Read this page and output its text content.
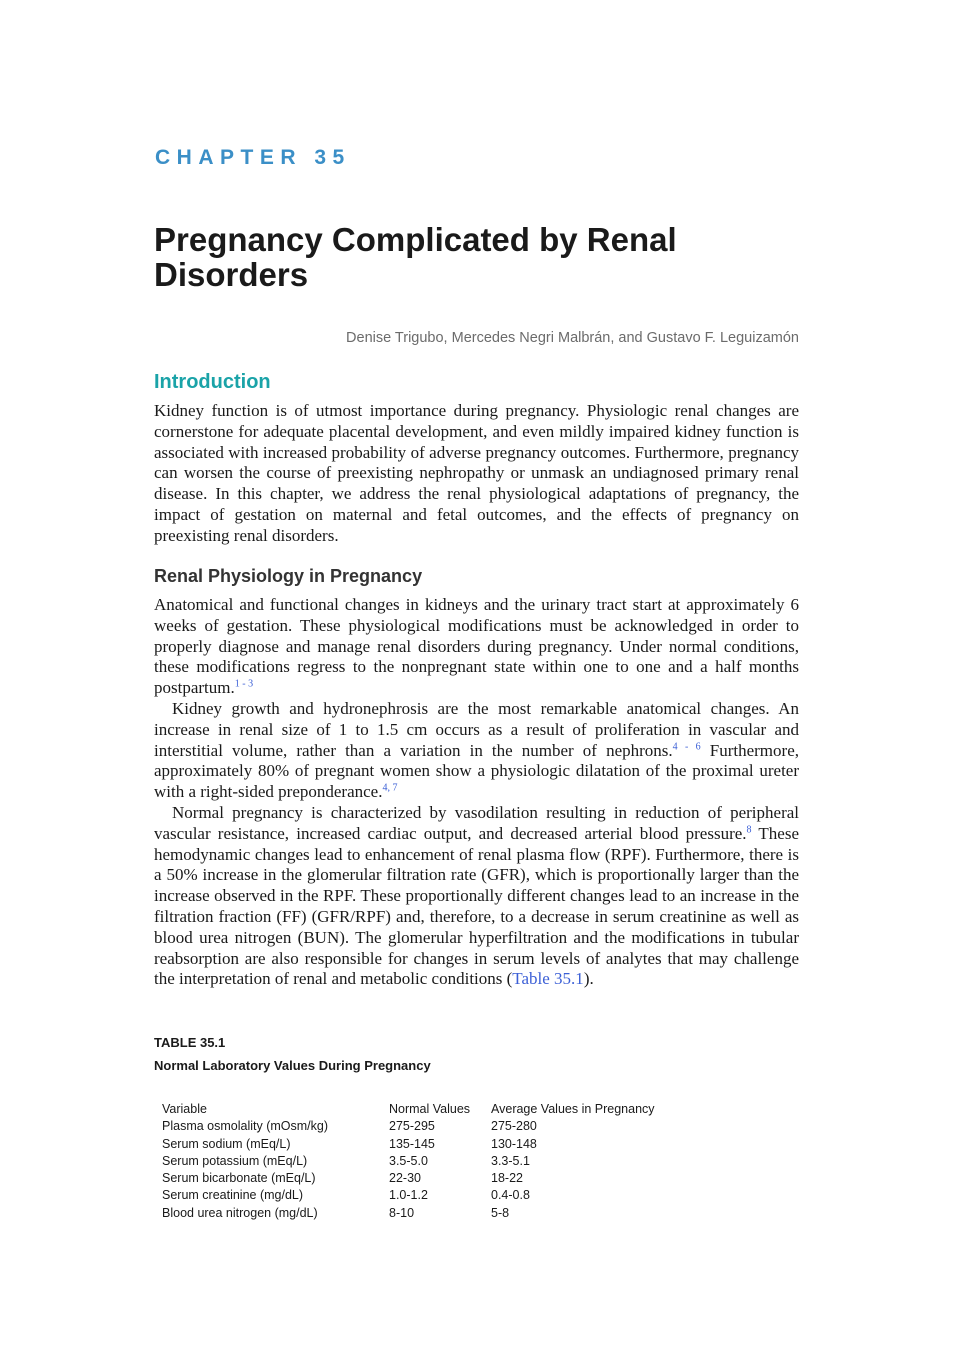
CHAPTER 35
Pregnancy Complicated by Renal Disorders
Denise Trigubo, Mercedes Negri Malbrán, and Gustavo F. Leguizamón
Introduction

Kidney function is of utmost importance during pregnancy. Physiologic renal changes are cornerstone for adequate placental development, and even mildly impaired kidney function is associated with increased probability of adverse pregnancy outcomes. Furthermore, pregnancy can worsen the course of preexisting nephropathy or unmask an undiagnosed primary renal disease. In this chapter, we address the renal physiological adaptations of pregnancy, the impact of gestation on maternal and fetal outcomes, and the effects of pregnancy on preexisting renal disorders.

Renal Physiology in Pregnancy

Anatomical and functional changes in kidneys and the urinary tract start at approximately 6 weeks of gestation. These physiological modifications must be acknowledged in order to properly diagnose and manage renal disorders during pregnancy. Under normal conditions, these modifications regress to the nonpregnant state within one to one and a half months postpartum.$^{1 - 3}$

Kidney growth and hydronephrosis are the most remarkable anatomical changes. An increase in renal size of 1 to 1.5 cm occurs as a result of proliferation in vascular and interstitial volume, rather than a variation in the number of nephrons.$^{4 - 6}$ Furthermore, approximately 80% of pregnant women show a physiologic dilatation of the proximal ureter with a right-sided preponderance.$^{4, 7}$

Normal pregnancy is characterized by vasodilation resulting in reduction of peripheral vascular resistance, increased cardiac output, and decreased arterial blood pressure.$^8$ These hemodynamic changes lead to enhancement of renal plasma flow (RPF). Furthermore, there is a 50% increase in the glomerular filtration rate (GFR), which is proportionally larger than the increase observed in the RPF. These proportionally different changes lead to an increase in the filtration fraction (FF) (GFR/RPF) and, therefore, to a decrease in serum creatinine as well as blood urea nitrogen (BUN). The glomerular hyperfiltration and the modifications in tubular reabsorption are also responsible for changes in serum levels of analytes that may challenge the interpretation of renal and metabolic conditions (Table 35.1).

TABLE 35.1
Normal Laboratory Values During Pregnancy
Variable	Normal Values	Average Values in Pregnancy
Plasma osmolality (mOsm/kg)	275-295	275-280
Serum sodium (mEq/L)	135-145	130-148
Serum potassium (mEq/L)	3.5-5.0	3.3-5.1
Serum bicarbonate (mEq/L)	22-30	18-22
Serum creatinine (mg/dL)	1.0-1.2	0.4-0.8
Blood urea nitrogen (mg/dL)	8-10	5-8
